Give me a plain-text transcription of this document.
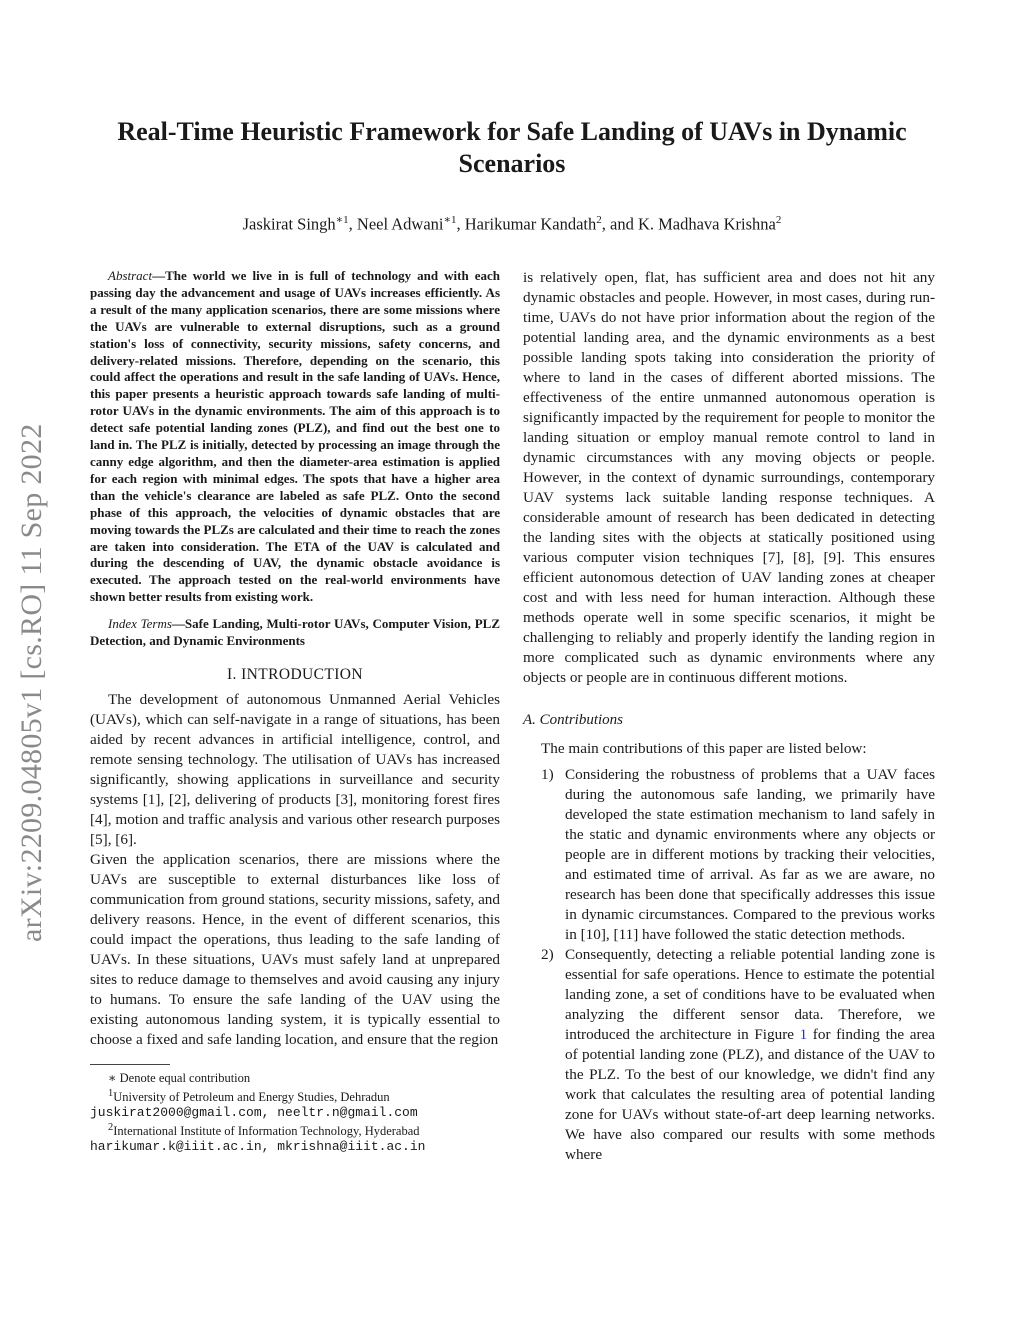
arXiv:2209.04805v1 [cs.RO] 11 Sep 2022
Real-Time Heuristic Framework for Safe Landing of UAVs in Dynamic Scenarios
Jaskirat Singh$^{∗1}$, Neel Adwani$^{∗1}$, Harikumar Kandath$^2$, and K. Madhava Krishna$^2$

Abstract—The world we live in is full of technology and with each passing day the advancement and usage of UAVs increases efficiently. As a result of the many application scenarios, there are some missions where the UAVs are vulnerable to external disruptions, such as a ground station's loss of connectivity, security missions, safety concerns, and delivery-related missions. Therefore, depending on the scenario, this could affect the operations and result in the safe landing of UAVs. Hence, this paper presents a heuristic approach towards safe landing of multi-rotor UAVs in the dynamic environments. The aim of this approach is to detect safe potential landing zones (PLZ), and find out the best one to land in. The PLZ is initially, detected by processing an image through the canny edge algorithm, and then the diameter-area estimation is applied for each region with minimal edges. The spots that have a higher area than the vehicle's clearance are labeled as safe PLZ. Onto the second phase of this approach, the velocities of dynamic obstacles that are moving towards the PLZs are calculated and their time to reach the zones are taken into consideration. The ETA of the UAV is calculated and during the descending of UAV, the dynamic obstacle avoidance is executed. The approach tested on the real-world environments have shown better results from existing work.

Index Terms—Safe Landing, Multi-rotor UAVs, Computer Vision, PLZ Detection, and Dynamic Environments

I. INTRODUCTION

The development of autonomous Unmanned Aerial Vehicles (UAVs), which can self-navigate in a range of situations, has been aided by recent advances in artificial intelligence, control, and remote sensing technology. The utilisation of UAVs has increased significantly, showing applications in surveillance and security systems [1], [2], delivering of products [3], monitoring forest fires [4], motion and traffic analysis and various other research purposes [5], [6].

Given the application scenarios, there are missions where the UAVs are susceptible to external disturbances like loss of communication from ground stations, security missions, safety, and delivery reasons. Hence, in the event of different scenarios, this could impact the operations, thus leading to the safe landing of UAVs. In these situations, UAVs must safely land at unprepared sites to reduce damage to themselves and avoid causing any injury to humans. To ensure the safe landing of the UAV using the existing autonomous landing system, it is typically essential to choose a fixed and safe landing location, and ensure that the region

∗ Denote equal contribution

$^1$University of Petroleum and Energy Studies, Dehradun

juskirat2000@gmail.com, neeltr.n@gmail.com

$^2$International Institute of Information Technology, Hyderabad

harikumar.k@iiit.ac.in, mkrishna@iiit.ac.in

is relatively open, flat, has sufficient area and does not hit any dynamic obstacles and people. However, in most cases, during run-time, UAVs do not have prior information about the region of the potential landing area, and the dynamic environments as a best possible landing spots taking into consideration the priority of where to land in the cases of different aborted missions. The effectiveness of the entire unmanned autonomous operation is significantly impacted by the requirement for people to monitor the landing situation or employ manual remote control to land in dynamic circumstances with any moving objects or people. However, in the context of dynamic surroundings, contemporary UAV systems lack suitable landing response techniques. A considerable amount of research has been dedicated in detecting the landing sites with the objects at statically positioned using various computer vision techniques [7], [8], [9]. This ensures efficient autonomous detection of UAV landing zones at cheaper cost and with less need for human interaction. Although these methods operate well in some specific scenarios, it might be challenging to reliably and properly identify the landing region in more complicated such as dynamic environments where any objects or people are in continuous different motions.

A. Contributions

The main contributions of this paper are listed below:

1) Considering the robustness of problems that a UAV faces during the autonomous safe landing, we primarily have developed the state estimation mechanism to land safely in the static and dynamic environments where any objects or people are in different motions by tracking their velocities, and estimated time of arrival. As far as we are aware, no research has been done that specifically addresses this issue in dynamic circumstances. Compared to the previous works in [10], [11] have followed the static detection methods.
2) Consequently, detecting a reliable potential landing zone is essential for safe operations. Hence to estimate the potential landing zone, a set of conditions have to be evaluated when analyzing the different sensor data. Therefore, we introduced the architecture in Figure 1 for finding the area of potential landing zone (PLZ), and distance of the UAV to the PLZ. To the best of our knowledge, we didn't find any work that calculates the resulting area of potential landing zone for UAVs without state-of-art deep learning networks. We have also compared our results with some methods where
